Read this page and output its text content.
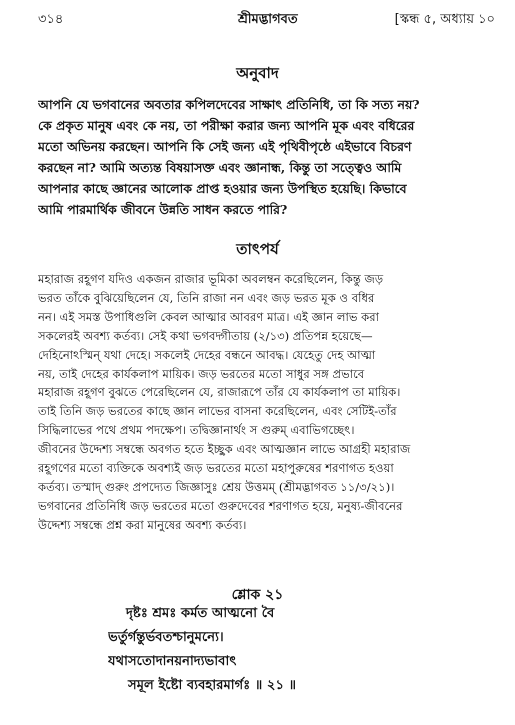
৩১৪	শ্রীমদ্ভাগবত	[স্কন্ধ ৫, অধ্যায় ১০
অনুবাদ
আপনি যে ভগবানের অবতার কপিলদেবের সাক্ষাৎ প্রতিনিধি, তা কি সত্য নয়?
কে প্রকৃত মানুষ এবং কে নয়, তা পরীক্ষা করার জন্য আপনি মূক এবং বধিরের
মতো অভিনয় করছেন। আপনি কি সেই জন্য এই পৃথিবীপৃষ্ঠে এইভাবে বিচরণ
করছেন না? আমি অত্যন্ত বিষয়াসক্ত এবং জ্ঞানান্ধ, কিন্তু তা সত্ত্বেও আমি
আপনার কাছে জ্ঞানের আলোক প্রাপ্ত হওয়ার জন্য উপস্থিত হয়েছি। কিভাবে
আমি পারমার্থিক জীবনে উন্নতি সাধন করতে পারি?
তাৎপর্য
মহারাজ রহূগণ যদিও একজন রাজার ভূমিকা অবলম্বন করেছিলেন, কিন্তু জড়
ভরত তাঁকে বুঝিয়েছিলেন যে, তিনি রাজা নন এবং জড় ভরত মূক ও বধির
নন। এই সমস্ত উপাধিগুলি কেবল আত্মার আবরণ মাত্র। এই জ্ঞান লাভ করা
সকলেরই অবশ্য কর্তব্য। সেই কথা ভগবদ্গীতায় (২/১৩) প্রতিপন্ন হয়েছে—
দেহিনোঽস্মিন্ যথা দেহে। সকলেই দেহের বন্ধনে আবদ্ধ। যেহেতু দেহ আত্মা
নয়, তাই দেহের কার্যকলাপ মায়িক। জড় ভরতের মতো সাধুর সঙ্গ প্রভাবে
মহারাজ রহূগণ বুঝতে পেরেছিলেন যে, রাজারূপে তাঁর যে কার্যকলাপ তা মায়িক।
তাই তিনি জড় ভরতের কাছে জ্ঞান লাভের বাসনা করেছিলেন, এবং সেটিই-তাঁর
সিদ্ধিলাভের পথে প্রথম পদক্ষেপ। তদ্বিজ্ঞানার্থং স গুরুম্ এবাভিগচ্ছেৎ।
জীবনের উদ্দেশ্য সম্বন্ধে অবগত হতে ইচ্ছুক এবং আত্মজ্ঞান লাভে আগ্রহী মহারাজ
রহূগণের মতো ব্যক্তিকে অবশ্যই জড় ভরতের মতো মহাপুরুষের শরণাগত হওয়া
কর্তব্য। তস্মাদ্ গুরুং প্রপদ্যেত জিজ্ঞাসুঃ শ্রেয় উত্তমম্ (শ্রীমদ্ভাগবত ১১/৩/২১)।
ভগবানের প্রতিনিধি জড় ভরতের মতো গুরুদেবের শরণাগত হয়ে, মনুষ্য-জীবনের
উদ্দেশ্য সম্বন্ধে প্রশ্ন করা মানুষের অবশ্য কর্তব্য।
শ্লোক ২১
দৃষ্টঃ শ্রমঃ কর্মত আত্মনো বৈ
ভর্তুর্গন্তুর্ভবতশ্চানুমন্যে।
যথাসতোদানয়নাদ্যভাবাৎ
সমূল ইষ্টো ব্যবহারমার্গঃ ॥ ২১ ॥
